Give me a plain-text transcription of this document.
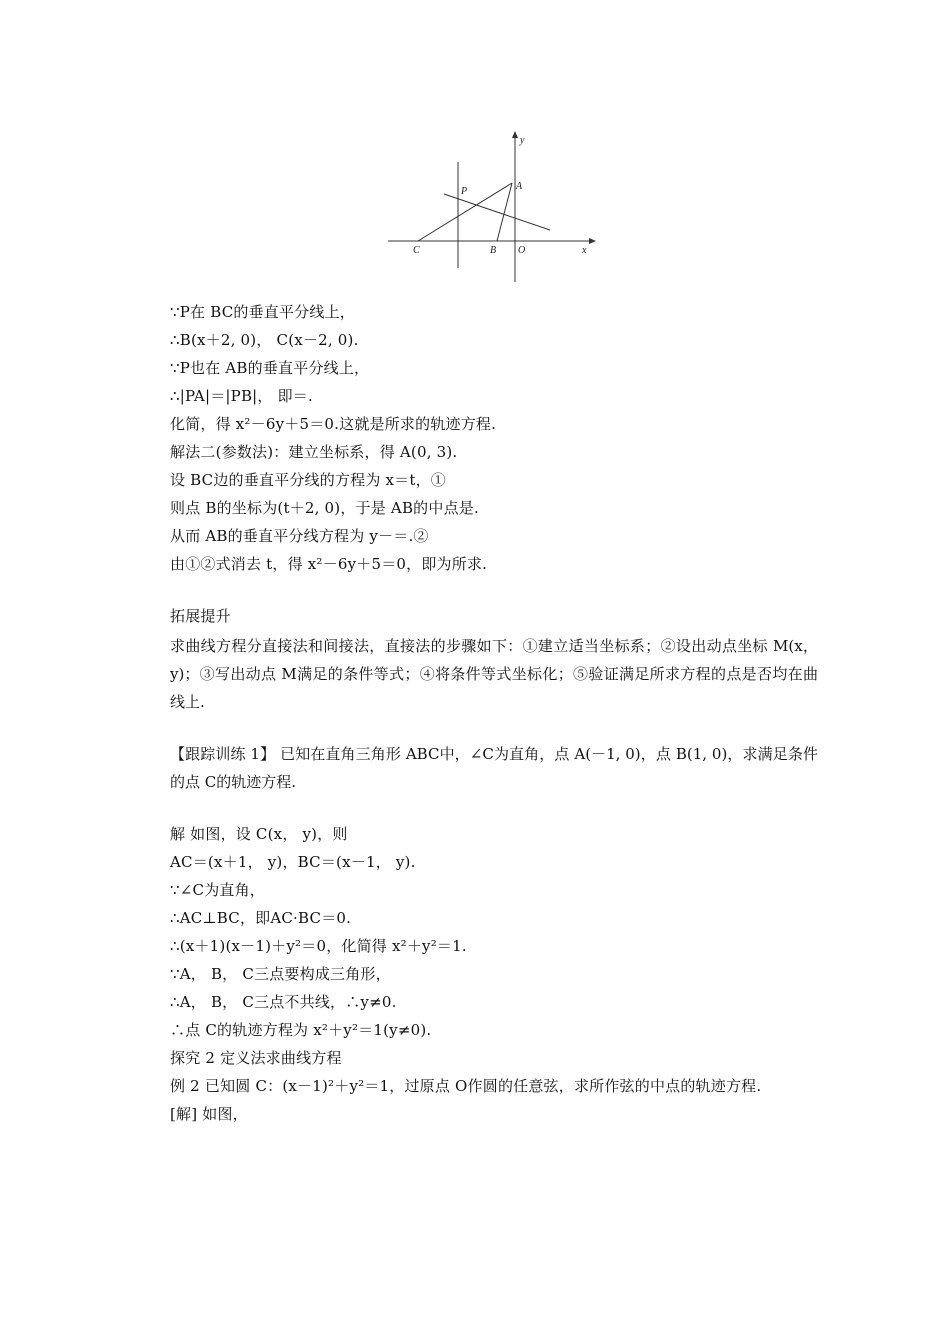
y
x
P	A
C	B O
∵P在 BC的垂直平分线上，
∴B(x＋2, 0)， C(x－2, 0).
∵P也在 AB的垂直平分线上，
∴|PA|＝|PB|， 即＝.
化简，得 x²－6y＋5＝0.这就是所求的轨迹方程.
解法二(参数法)：建立坐标系，得 A(0, 3).
设 BC边的垂直平分线的方程为 x＝t，①
则点 B的坐标为(t＋2, 0)，于是 AB的中点是.
从而 AB的垂直平分线方程为 y－＝.②
由①②式消去 t，得 x²－6y＋5＝0，即为所求.
拓展提升
求曲线方程分直接法和间接法，直接法的步骤如下：①建立适当坐标系；②设出动点坐标 M(x， y)；③写出动点 M满足的条件等式；④将条件等式坐标化；⑤验证满足所求方程的点是否均在曲线上.
【跟踪训练 1】 已知在直角三角形 ABC中，∠C为直角，点 A(－1, 0)，点 B(1, 0)，求满足条件的点 C的轨迹方程.
解 如图，设 C(x， y)，则
AC＝(x＋1， y)，BC＝(x－1， y).
∵∠C为直角，
∴AC⊥BC，即AC·BC＝0.
∴(x＋1)(x－1)＋y²＝0，化简得 x²＋y²＝1.
∵A， B， C三点要构成三角形，
∴A， B， C三点不共线，∴y≠0.
∴点 C的轨迹方程为 x²＋y²＝1(y≠0).
探究 2 定义法求曲线方程
例 2 已知圆 C：(x－1)²＋y²＝1，过原点 O作圆的任意弦，求所作弦的中点的轨迹方程.
[解] 如图，
